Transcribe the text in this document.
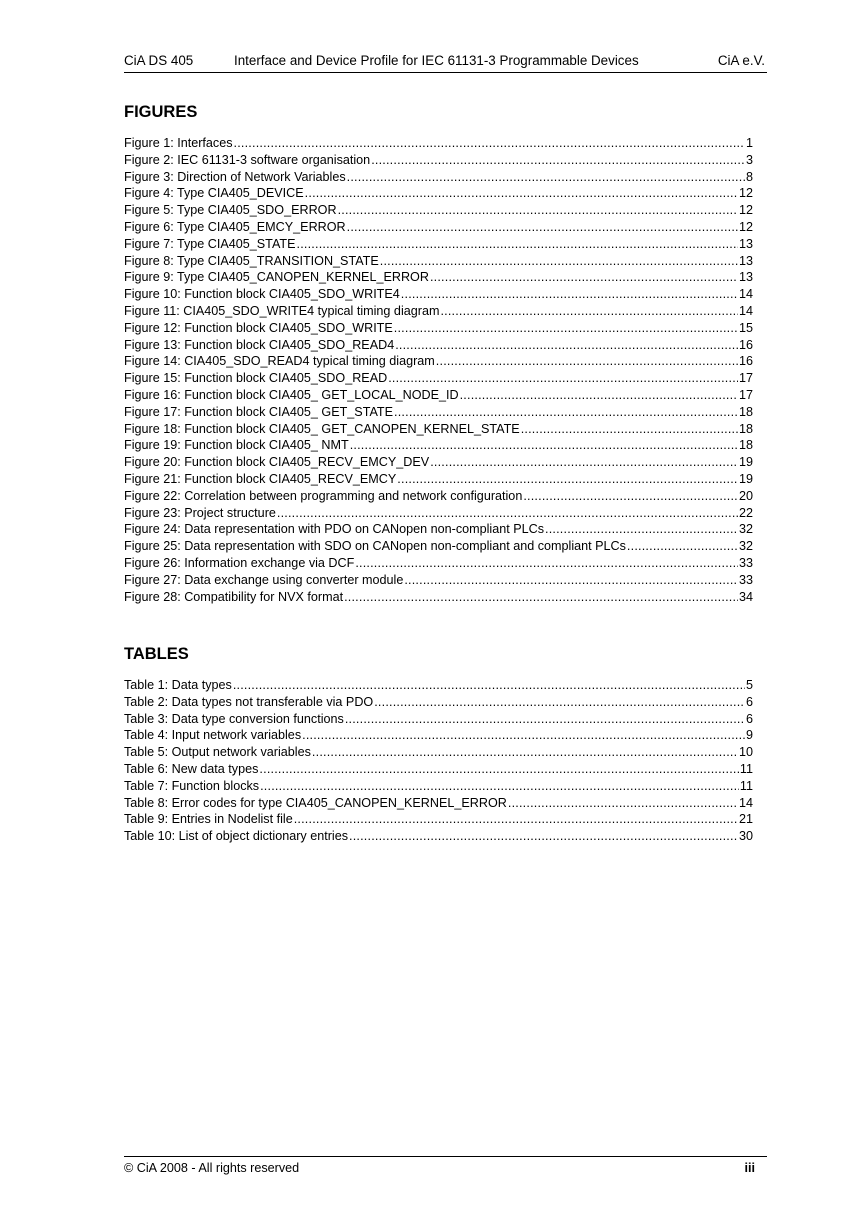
CiA DS 405	Interface and Device Profile for IEC 61131-3 Programmable Devices	CiA e.V.
FIGURES
Figure 1: Interfaces .....	1
Figure 2: IEC 61131-3 software organisation .....	3
Figure 3: Direction of Network Variables .....	8
Figure 4: Type CIA405_DEVICE .....	12
Figure 5: Type CIA405_SDO_ERROR .....	12
Figure 6: Type CIA405_EMCY_ERROR .....	12
Figure 7: Type CIA405_STATE .....	13
Figure 8: Type CIA405_TRANSITION_STATE .....	13
Figure 9: Type CIA405_CANOPEN_KERNEL_ERROR .....	13
Figure 10: Function block CIA405_SDO_WRITE4 .....	14
Figure 11: CIA405_SDO_WRITE4 typical timing diagram .....	14
Figure 12: Function block CIA405_SDO_WRITE .....	15
Figure 13: Function block CIA405_SDO_READ4 .....	16
Figure 14: CIA405_SDO_READ4 typical timing diagram .....	16
Figure 15: Function block CIA405_SDO_READ .....	17
Figure 16: Function block CIA405_ GET_LOCAL_NODE_ID .....	17
Figure 17: Function block CIA405_ GET_STATE .....	18
Figure 18: Function block CIA405_ GET_CANOPEN_KERNEL_STATE .....	18
Figure 19: Function block CIA405_ NMT .....	18
Figure 20: Function block CIA405_RECV_EMCY_DEV .....	19
Figure 21: Function block CIA405_RECV_EMCY .....	19
Figure 22: Correlation between programming and network configuration .....	20
Figure 23: Project structure .....	22
Figure 24: Data representation with PDO on CANopen non-compliant PLCs .....	32
Figure 25: Data representation with SDO on CANopen non-compliant and compliant PLCs .....	32
Figure 26: Information exchange via DCF .....	33
Figure 27: Data exchange using converter module .....	33
Figure 28: Compatibility for NVX format .....	34
TABLES
Table 1: Data types .....	5
Table 2: Data types not transferable via PDO .....	6
Table 3: Data type conversion functions .....	6
Table 4: Input network variables .....	9
Table 5: Output network variables .....	10
Table 6: New data types .....	11
Table 7: Function blocks .....	11
Table 8: Error codes for type CIA405_CANOPEN_KERNEL_ERROR .....	14
Table 9: Entries in Nodelist file .....	21
Table 10: List of object dictionary entries .....	30
© CiA 2008 - All rights reserved	iii
